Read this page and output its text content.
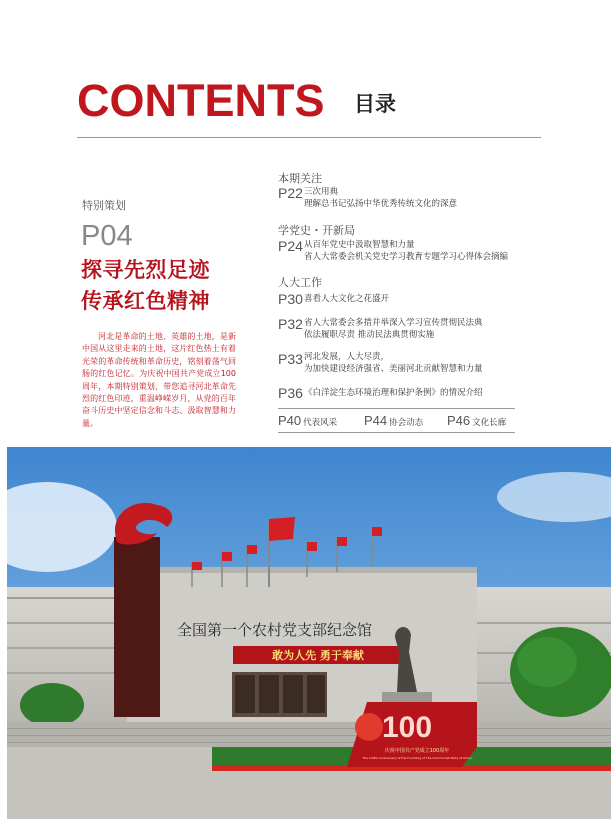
CONTENTS 目录
特别策划
P04
探寻先烈足迹
传承红色精神
河北是革命的土地、英雄的土地，是新中国从这里走来的土地，这片红色热土有着光荣的革命传统和革命历史，铭刻着荡气回肠的红色记忆。为庆祝中国共产党成立100周年，本期特别策划，带您追寻河北革命先烈的红色印迹，重温峥嵘岁月，从党的百年奋斗历史中坚定信念和斗志、汲取智慧和力量。
本期关注
P22 三次用典
理解总书记弘扬中华优秀传统文化的深意
学党史・开新局
P24 从百年党史中汲取智慧和力量
省人大常委会机关党史学习教育专题学习心得体会摘编
人大工作
P30 喜看人大文化之花盛开
P32 省人大常委会多措并举深入学习宣传贯彻民法典
依法履职尽责 推动民法典贯彻实施
P33 河北发展，人大尽责，
为加快建设经济强省、美丽河北贡献智慧和力量
P36 《白洋淀生态环境治理和保护条例》的情况介绍
P40 代表风采 P44 协会动态 P46 文化长廊
全国第一个农村党支部纪念馆
敢为人先 勇于奉献
100
庆祝中国共产党成立100周年
The 100th Anniversary of the Founding of The Communist Party of China
